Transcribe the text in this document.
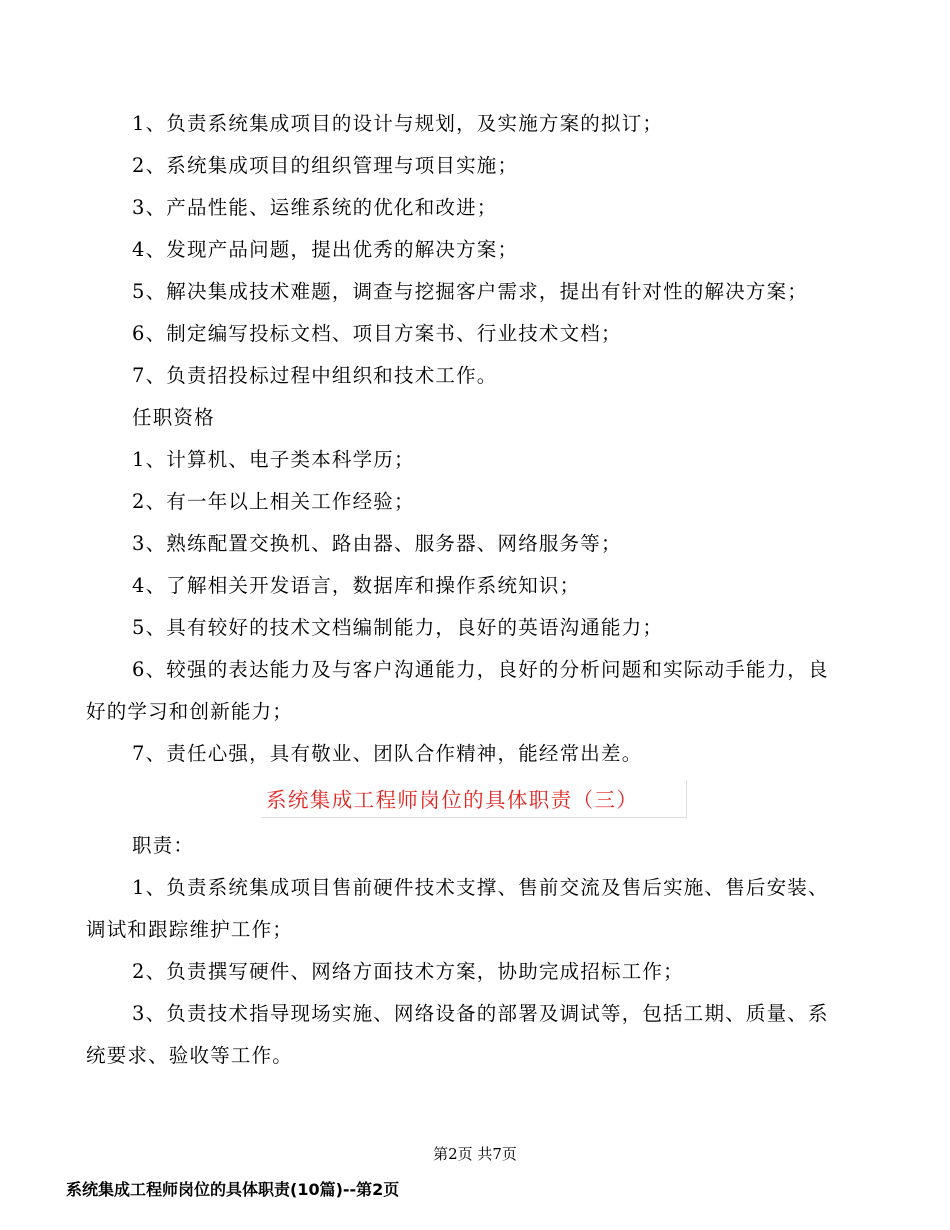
1、负责系统集成项目的设计与规划，及实施方案的拟订；
2、系统集成项目的组织管理与项目实施；
3、产品性能、运维系统的优化和改进；
4、发现产品问题，提出优秀的解决方案；
5、解决集成技术难题，调查与挖掘客户需求，提出有针对性的解决方案；
6、制定编写投标文档、项目方案书、行业技术文档；
7、负责招投标过程中组织和技术工作。
任职资格
1、计算机、电子类本科学历；
2、有一年以上相关工作经验；
3、熟练配置交换机、路由器、服务器、网络服务等；
4、了解相关开发语言，数据库和操作系统知识；
5、具有较好的技术文档编制能力，良好的英语沟通能力；
6、较强的表达能力及与客户沟通能力，良好的分析问题和实际动手能力，良
好的学习和创新能力；
7、责任心强，具有敬业、团队合作精神，能经常出差。
系统集成工程师岗位的具体职责（三）
职责：
1、负责系统集成项目售前硬件技术支撑、售前交流及售后实施、售后安装、
调试和跟踪维护工作；
2、负责撰写硬件、网络方面技术方案，协助完成招标工作；
3、负责技术指导现场实施、网络设备的部署及调试等，包括工期、质量、系
统要求、验收等工作。
第2页 共7页
系统集成工程师岗位的具体职责(10篇)--第2页
